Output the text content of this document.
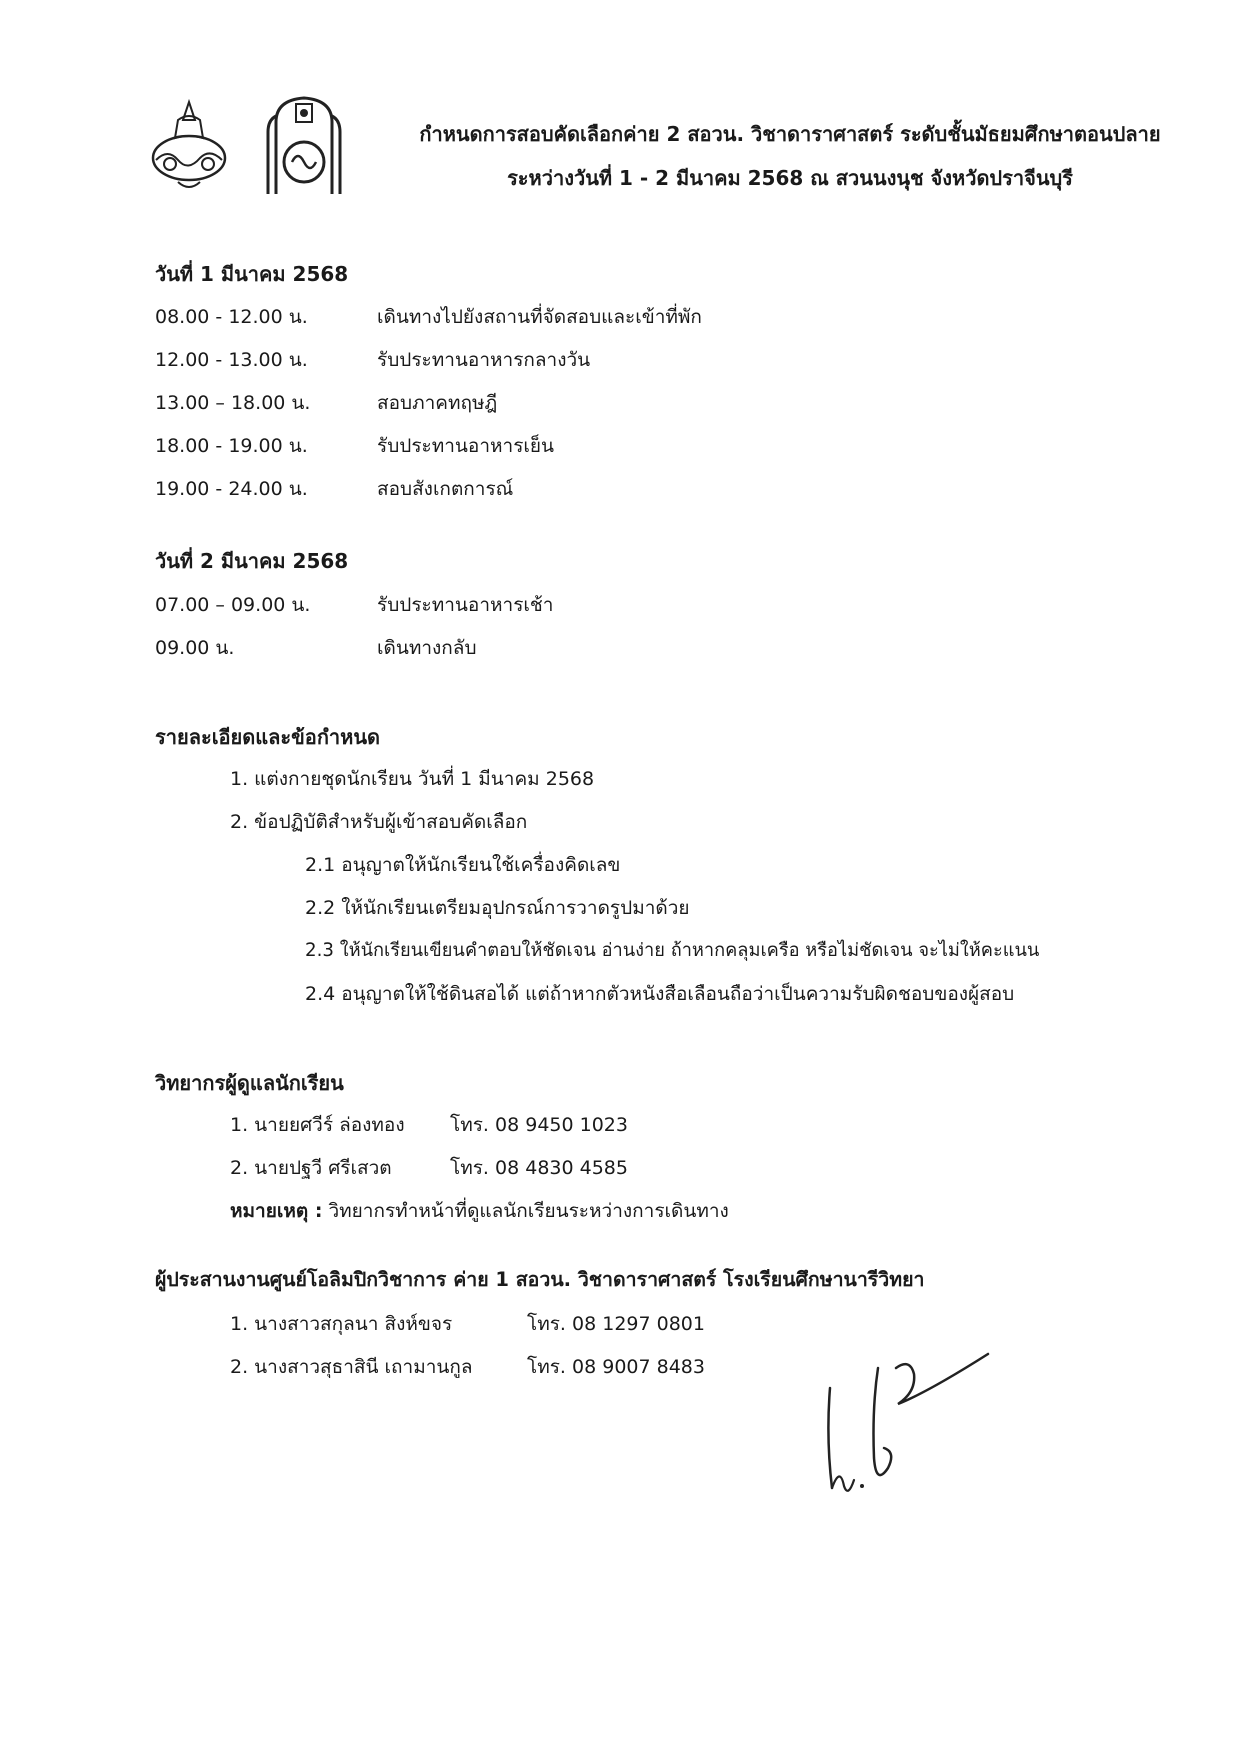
กำหนดการสอบคัดเลือกค่าย 2 สอวน. วิชาดาราศาสตร์ ระดับชั้นมัธยมศึกษาตอนปลาย
ระหว่างวันที่ 1 - 2 มีนาคม 2568 ณ สวนนงนุช จังหวัดปราจีนบุรี
วันที่ 1 มีนาคม 2568
08.00 - 12.00 น.	เดินทางไปยังสถานที่จัดสอบและเข้าที่พัก
12.00 - 13.00 น.	รับประทานอาหารกลางวัน
13.00 – 18.00 น.	สอบภาคทฤษฎี
18.00 - 19.00 น.	รับประทานอาหารเย็น
19.00 - 24.00 น.	สอบสังเกตการณ์
วันที่ 2 มีนาคม 2568
07.00 – 09.00 น.	รับประทานอาหารเช้า
09.00 น.	เดินทางกลับ
รายละเอียดและข้อกำหนด
1. แต่งกายชุดนักเรียน วันที่ 1 มีนาคม 2568
2. ข้อปฏิบัติสำหรับผู้เข้าสอบคัดเลือก
2.1 อนุญาตให้นักเรียนใช้เครื่องคิดเลข
2.2 ให้นักเรียนเตรียมอุปกรณ์การวาดรูปมาด้วย
2.3 ให้นักเรียนเขียนคำตอบให้ชัดเจน อ่านง่าย ถ้าหากคลุมเครือ หรือไม่ชัดเจน จะไม่ให้คะแนน
2.4 อนุญาตให้ใช้ดินสอได้ แต่ถ้าหากตัวหนังสือเลือนถือว่าเป็นความรับผิดชอบของผู้สอบ
วิทยากรผู้ดูแลนักเรียน
1. นายยศวีร์ ล่องทอง โทร. 08 9450 1023
2. นายปฐวี ศรีเสวต	โทร. 08 4830 4585
หมายเหตุ : วิทยากรทำหน้าที่ดูแลนักเรียนระหว่างการเดินทาง
ผู้ประสานงานศูนย์โอลิมปิกวิชาการ ค่าย 1 สอวน. วิชาดาราศาสตร์ โรงเรียนศึกษานารีวิทยา
1. นางสาวสกุลนา สิงห์ขจร	โทร. 08 1297 0801
2. นางสาวสุธาสินี เถามานกูล	โทร. 08 9007 8483
